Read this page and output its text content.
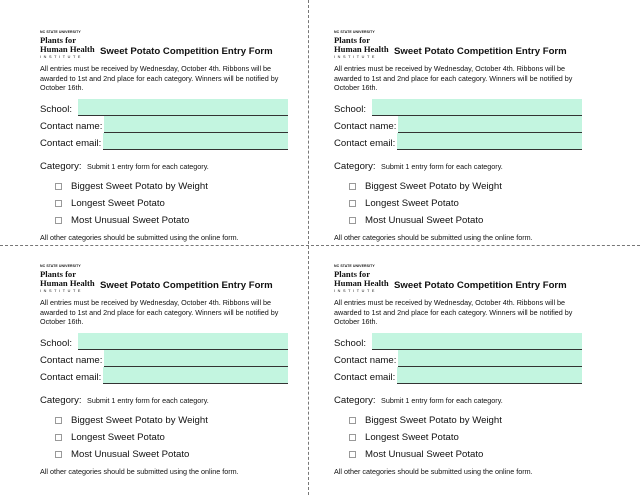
NC STATE UNIVERSITY
Plants for
Human Health
INSTITUTE	Sweet Potato Competition Entry Form
All entries must be received by Wednesday, October 4th. Ribbons will be awarded to 1st and 2nd place for each category. Winners will be notified by October 16th.
School:
Contact name:
Contact email:
Category: Submit 1 entry form for each category.
Biggest Sweet Potato by Weight
Longest Sweet Potato
Most Unusual Sweet Potato
All other categories should be submitted using the online form.
NC STATE UNIVERSITY
Plants for
Human Health
INSTITUTE	Sweet Potato Competition Entry Form
All entries must be received by Wednesday, October 4th. Ribbons will be awarded to 1st and 2nd place for each category. Winners will be notified by October 16th.
School:
Contact name:
Contact email:
Category: Submit 1 entry form for each category.
Biggest Sweet Potato by Weight
Longest Sweet Potato
Most Unusual Sweet Potato
All other categories should be submitted using the online form.
NC STATE UNIVERSITY
Plants for
Human Health
INSTITUTE	Sweet Potato Competition Entry Form
All entries must be received by Wednesday, October 4th. Ribbons will be awarded to 1st and 2nd place for each category. Winners will be notified by October 16th.
School:
Contact name:
Contact email:
Category: Submit 1 entry form for each category.
Biggest Sweet Potato by Weight
Longest Sweet Potato
Most Unusual Sweet Potato
All other categories should be submitted using the online form.
NC STATE UNIVERSITY
Plants for
Human Health
INSTITUTE	Sweet Potato Competition Entry Form
All entries must be received by Wednesday, October 4th. Ribbons will be awarded to 1st and 2nd place for each category. Winners will be notified by October 16th.
School:
Contact name:
Contact email:
Category: Submit 1 entry form for each category.
Biggest Sweet Potato by Weight
Longest Sweet Potato
Most Unusual Sweet Potato
All other categories should be submitted using the online form.
